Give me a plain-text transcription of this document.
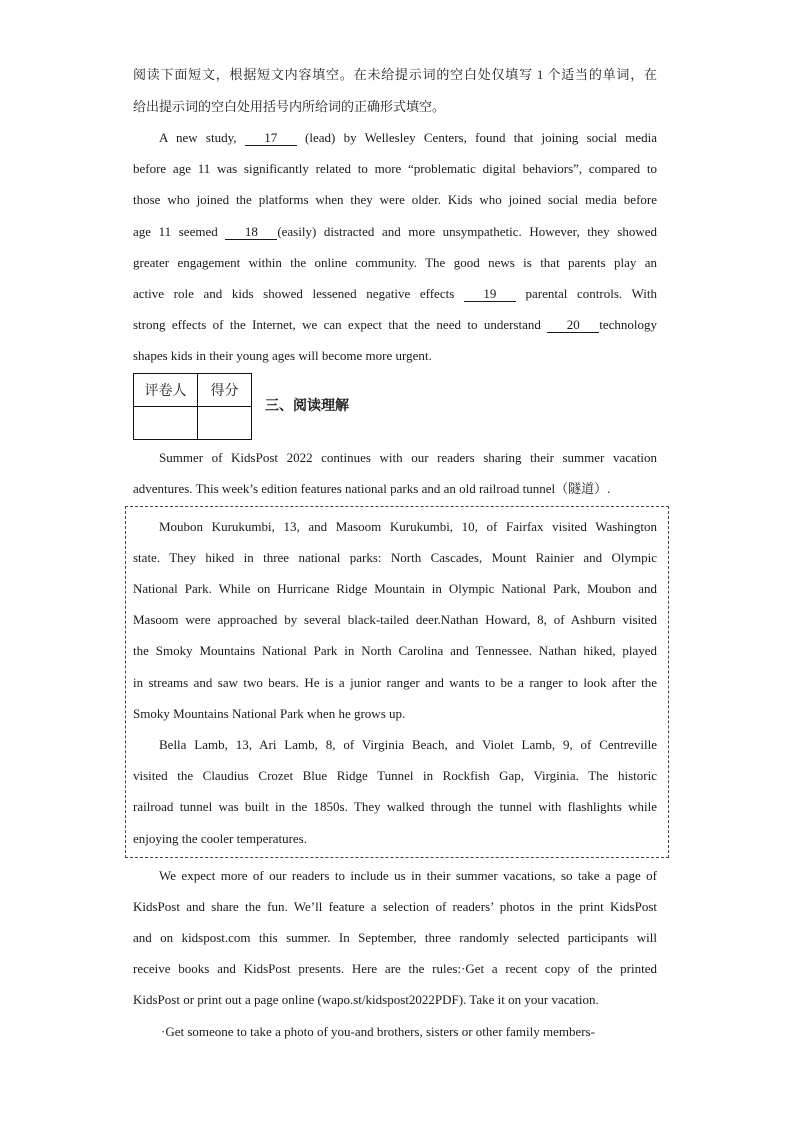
阅读下面短文，根据短文内容填空。在未给提示词的空白处仅填写 1 个适当的单词，在
给出提示词的空白处用括号内所给词的正确形式填空。
A new study, 17 (lead) by Wellesley Centers, found that joining social media
before age 11 was significantly related to more “problematic digital behaviors”, compared to
those who joined the platforms when they were older. Kids who joined social media before
age 11 seemed 18 (easily) distracted and more unsympathetic. However, they showed
greater engagement within the online community. The good news is that parents play an
active role and kids showed lessened negative effects 19 parental controls. With
strong effects of the Internet, we can expect that the need to understand 20 technology
shapes kids in their young ages will become more urgent.
评卷人	得分

三、阅读理解
Summer of KidsPost 2022 continues with our readers sharing their summer vacation
adventures. This week’s edition features national parks and an old railroad tunnel（隧道）.
Moubon Kurukumbi, 13, and Masoom Kurukumbi, 10, of Fairfax visited Washington
state. They hiked in three national parks: North Cascades, Mount Rainier and Olympic
National Park. While on Hurricane Ridge Mountain in Olympic National Park, Moubon and
Masoom were approached by several black-tailed deer.Nathan Howard, 8, of Ashburn visited
the Smoky Mountains National Park in North Carolina and Tennessee. Nathan hiked, played
in streams and saw two bears. He is a junior ranger and wants to be a ranger to look after the
Smoky Mountains National Park when he grows up.
Bella Lamb, 13, Ari Lamb, 8, of Virginia Beach, and Violet Lamb, 9, of Centreville
visited the Claudius Crozet Blue Ridge Tunnel in Rockfish Gap, Virginia. The historic
railroad tunnel was built in the 1850s. They walked through the tunnel with flashlights while
enjoying the cooler temperatures.
We expect more of our readers to include us in their summer vacations, so take a page of
KidsPost and share the fun. We’ll feature a selection of readers’ photos in the print KidsPost
and on kidspost.com this summer. In September, three randomly selected participants will
receive books and KidsPost presents. Here are the rules:·Get a recent copy of the printed
KidsPost or print out a page online (wapo.st/kidspost2022PDF). Take it on your vacation.
·Get someone to take a photo of you-and brothers, sisters or other family members-
